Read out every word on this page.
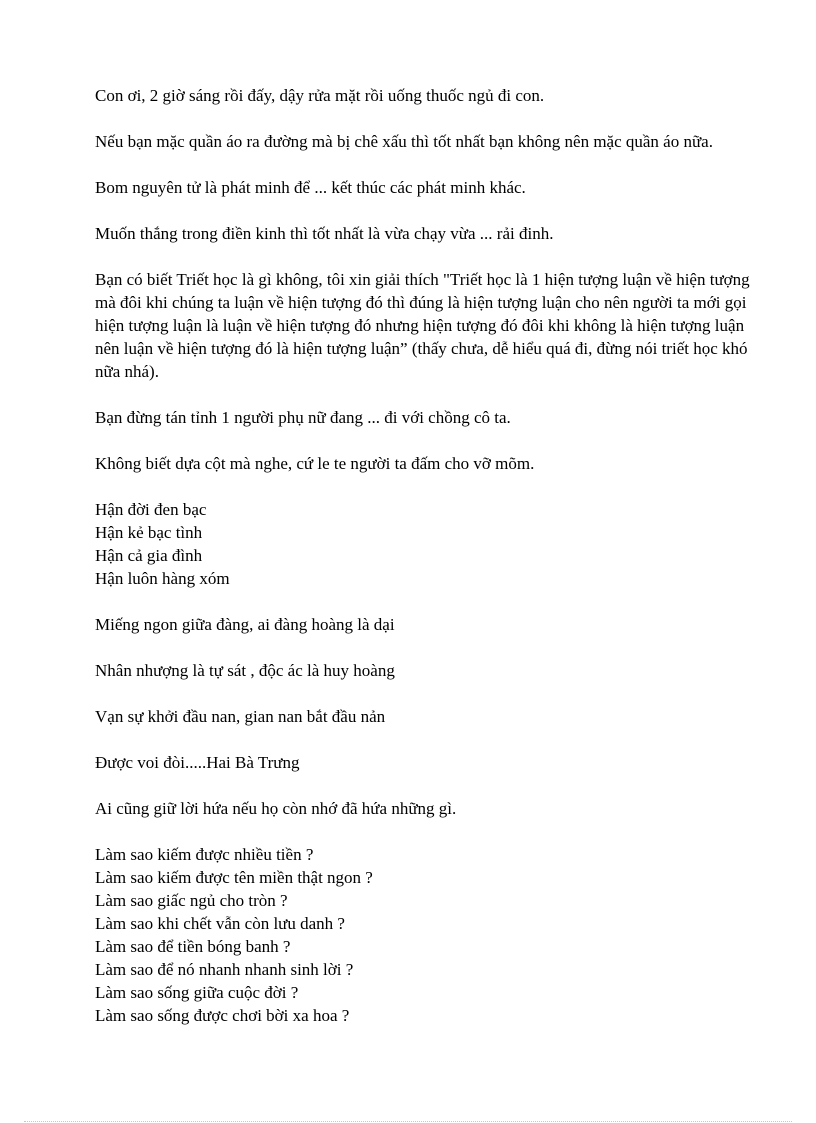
Con ơi, 2 giờ sáng rồi đấy, dậy rửa mặt rồi uống thuốc ngủ đi con.

Nếu bạn mặc quần áo ra đường mà bị chê xấu thì tốt nhất bạn không nên mặc quần áo nữa.

Bom nguyên tử là phát minh để ... kết thúc các phát minh khác.

Muốn thắng trong điền kinh thì tốt nhất là vừa chạy vừa ... rải đinh.

Bạn có biết Triết học là gì không, tôi xin giải thích "Triết học là 1 hiện tượng luận về hiện tượng mà đôi khi chúng ta luận về hiện tượng đó thì đúng là hiện tượng luận cho nên người ta mới gọi hiện tượng luận là luận về hiện tượng đó nhưng hiện tượng đó đôi khi không là hiện tượng luận nên luận về hiện tượng đó là hiện tượng luận” (thấy chưa, dễ hiểu quá đi, đừng nói triết học khó nữa nhá).

Bạn đừng tán tỉnh 1 người phụ nữ đang ... đi với chồng cô ta.

Không biết dựa cột mà nghe, cứ le te người ta đấm cho vỡ mõm.

Hận đời đen bạc
Hận kẻ bạc tình
Hận cả gia đình
Hận luôn hàng xóm

Miếng ngon giữa đàng, ai đàng hoàng là dại

Nhân nhượng là tự sát , độc ác là huy hoàng

Vạn sự khởi đầu nan, gian nan bắt đầu nản

Được voi đòi.....Hai Bà Trưng

Ai cũng giữ lời hứa nếu họ còn nhớ đã hứa những gì.

Làm sao kiếm được nhiều tiền ?
Làm sao kiếm được tên miền thật ngon ?
Làm sao giấc ngủ cho tròn ?
Làm sao khi chết vẫn còn lưu danh ?
Làm sao để tiền bóng banh ?
Làm sao để nó nhanh nhanh sinh lời ?
Làm sao sống giữa cuộc đời ?
Làm sao sống được chơi bời xa hoa ?
